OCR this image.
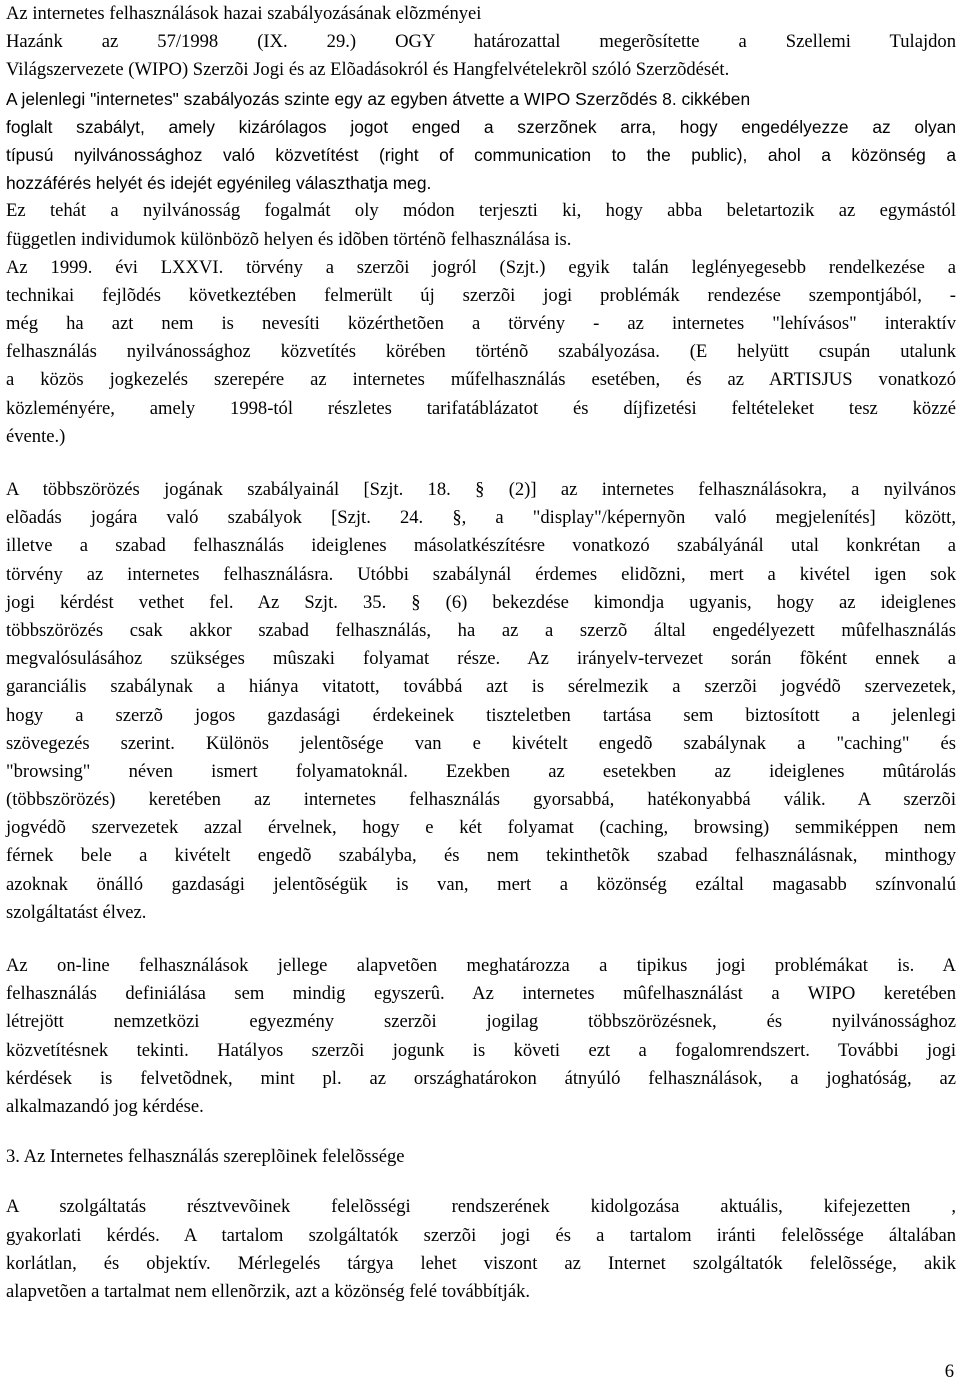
Az internetes felhasználások hazai szabályozásának elõzményei
Hazánk az 57/1998 (IX. 29.) OGY határozattal megerõsítette a Szellemi Tulajdon
Világszervezete (WIPO) Szerzõi Jogi és az Elõadásokról és Hangfelvételekrõl szóló Szerzõdését.
A jelenlegi "internetes" szabályozás szinte egy az egyben átvette a WIPO Szerzõdés 8. cikkében
foglalt szabályt, amely kizárólagos jogot enged a szerzõnek arra, hogy engedélyezze az olyan
típusú nyilvánossághoz való közvetítést (right of communication to the public), ahol a közönség a
hozzáférés helyét és idejét egyénileg választhatja meg.
Ez tehát a nyilvánosság fogalmát oly módon terjeszti ki, hogy abba beletartozik az egymástól
független individumok különbözõ helyen és idõben történõ felhasználása is.
Az 1999. évi LXXVI. törvény a szerzõi jogról (Szjt.) egyik talán leglényegesebb rendelkezése a
technikai fejlõdés következtében felmerült új szerzõi jogi problémák rendezése szempontjából, -
még ha azt nem is nevesíti közérthetõen a törvény - az internetes "lehívásos" interaktív
felhasználás nyilvánossághoz közvetítés körében történõ szabályozása. (E helyütt csupán utalunk
a közös jogkezelés szerepére az internetes műfelhasználás esetében, és az ARTISJUS vonatkozó
közleményére, amely 1998-tól részletes tarifatáblázatot és díjfizetési feltételeket tesz közzé
évente.)
A többszörözés jogának szabályainál [Szjt. 18. § (2)] az internetes felhasználásokra, a nyilvános
elõadás jogára való szabályok [Szjt. 24. §, a "display"/képernyõn való megjelenítés] között,
illetve a szabad felhasználás ideiglenes másolatkészítésre vonatkozó szabályánál utal konkrétan a
törvény az internetes felhasználásra. Utóbbi szabálynál érdemes elidõzni, mert a kivétel igen sok
jogi kérdést vethet fel. Az Szjt. 35. § (6) bekezdése kimondja ugyanis, hogy az ideiglenes
többszörözés csak akkor szabad felhasználás, ha az a szerzõ által engedélyezett mûfelhasználás
megvalósulásához szükséges mûszaki folyamat része. Az irányelv-tervezet során fõként ennek a
garanciális szabálynak a hiánya vitatott, továbbá azt is sérelmezik a szerzõi jogvédõ szervezetek,
hogy a szerzõ jogos gazdasági érdekeinek tiszteletben tartása sem biztosított a jelenlegi
szövegezés szerint. Különös jelentõsége van e kivételt engedõ szabálynak a "caching" és
"browsing" néven ismert folyamatoknál. Ezekben az esetekben az ideiglenes mûtárolás
(többszörözés) keretében az internetes felhasználás gyorsabbá, hatékonyabbá válik. A szerzõi
jogvédõ szervezetek azzal érvelnek, hogy e két folyamat (caching, browsing) semmiképpen nem
férnek bele a kivételt engedõ szabályba, és nem tekinthetõk szabad felhasználásnak, minthogy
azoknak önálló gazdasági jelentõségük is van, mert a közönség ezáltal magasabb színvonalú
szolgáltatást élvez.
Az on-line felhasználások jellege alapvetõen meghatározza a tipikus jogi problémákat is. A
felhasználás definiálása sem mindig egyszerû. Az internetes mûfelhasználást a WIPO keretében
létrejött nemzetközi egyezmény szerzõi jogilag többszörözésnek, és nyilvánossághoz
közvetítésnek tekinti. Hatályos szerzõi jogunk is követi ezt a fogalomrendszert. További jogi
kérdések is felvetõdnek, mint pl. az országhatárokon átnyúló felhasználások, a joghatóság, az
alkalmazandó jog kérdése.
3. Az Internetes felhasználás szereplõinek felelõssége
A szolgáltatás résztvevõinek felelõsségi rendszerének kidolgozása aktuális, kifejezetten ,
gyakorlati kérdés. A tartalom szolgáltatók szerzõi jogi és a tartalom iránti felelõssége általában
korlátlan, és objektív. Mérlegelés tárgya lehet viszont az Internet szolgáltatók felelõssége, akik
alapvetõen a tartalmat nem ellenõrzik, azt a közönség felé továbbítják.
6
